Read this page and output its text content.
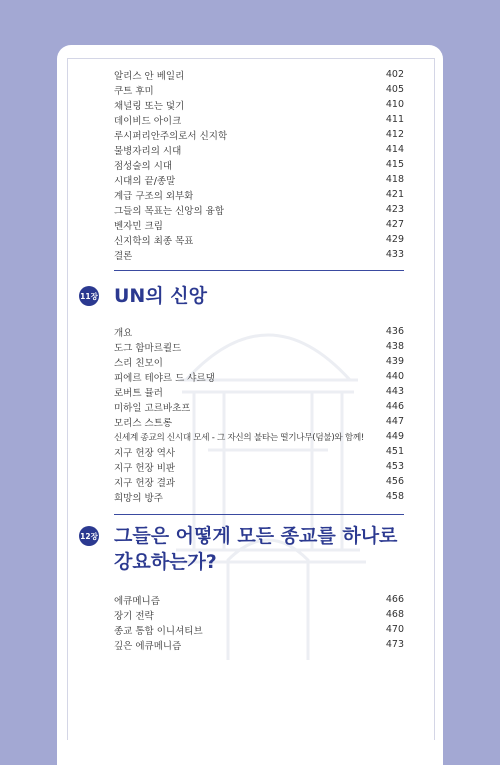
알리스 안 베일리	402
쿠트 후미	405
채널링 또는 덫기	410
데이비드 아이크	411
루시퍼리안주의로서 신지학	412
물병자리의 시대	414
점성술의 시대	415
시대의 끝/종말	418
계급 구조의 외부화	421
그들의 목표는 신앙의 융합	423
벤자민 크림	427
신지학의 최종 목표	429
결론	433
11장 UN의 신앙
개요	436
도그 함마르쾰드	438
스리 친모이	439
피에르 테야르 드 샤르댕	440
로버트 뮬러	443
미하일 고르바초프	446
모리스 스트롱	447
신세계 종교의 신시대 모세 - 그 자신의 불타는 떨기나무(덤불)와 함께!	449
지구 헌장 역사	451
지구 헌장 비판	453
지구 헌장 결과	456
희망의 방주	458
12장 그들은 어떻게 모든 종교를 하나로
강요하는가?
에큐메니즘	466
장기 전략	468
종교 통합 이니셔티브	470
깊은 에큐메니즘	473
